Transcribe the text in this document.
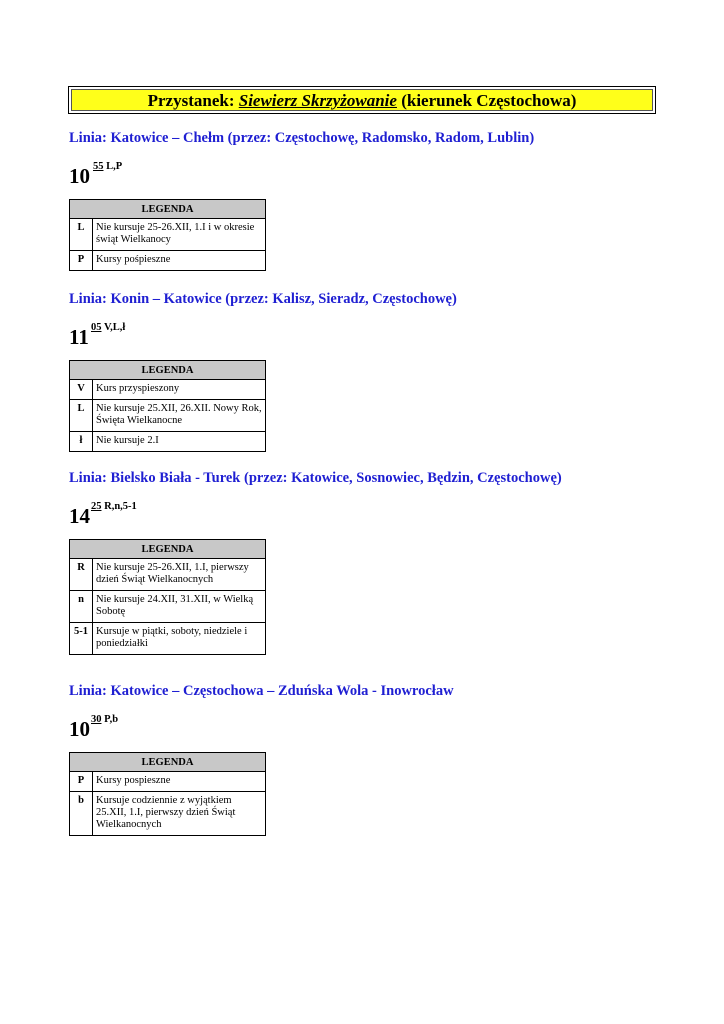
Przystanek: Siewierz Skrzyżowanie (kierunek Częstochowa)
Linia: Katowice – Chełm (przez: Częstochowę, Radomsko, Radom, Lublin)
10 55 L,P
LEGENDA	
L	Nie kursuje 25-26.XII, 1.I i w okresie świąt Wielkanocy
P	Kursy pośpieszne
Linia: Konin – Katowice (przez: Kalisz, Sieradz, Częstochowę)
11 05 V,L,ł
LEGENDA	
V	Kurs przyspieszony
L	Nie kursuje 25.XII, 26.XII. Nowy Rok, Święta Wielkanocne
ł	Nie kursuje 2.I
Linia: Bielsko Biała - Turek (przez: Katowice, Sosnowiec, Będzin, Częstochowę)
14 25 R,n,5-1
LEGENDA	
R	Nie kursuje 25-26.XII, 1.I, pierwszy dzień Świąt Wielkanocnych
n	Nie kursuje 24.XII, 31.XII, w Wielką Sobotę
5-1	Kursuje w piątki, soboty, niedziele i poniedziałki
Linia: Katowice – Częstochowa – Zduńska Wola - Inowrocław
10 30 P,b
LEGENDA	
P	Kursy pospieszne
b	Kursuje codziennie z wyjątkiem 25.XII, 1.I, pierwszy dzień Świąt Wielkanocnych
